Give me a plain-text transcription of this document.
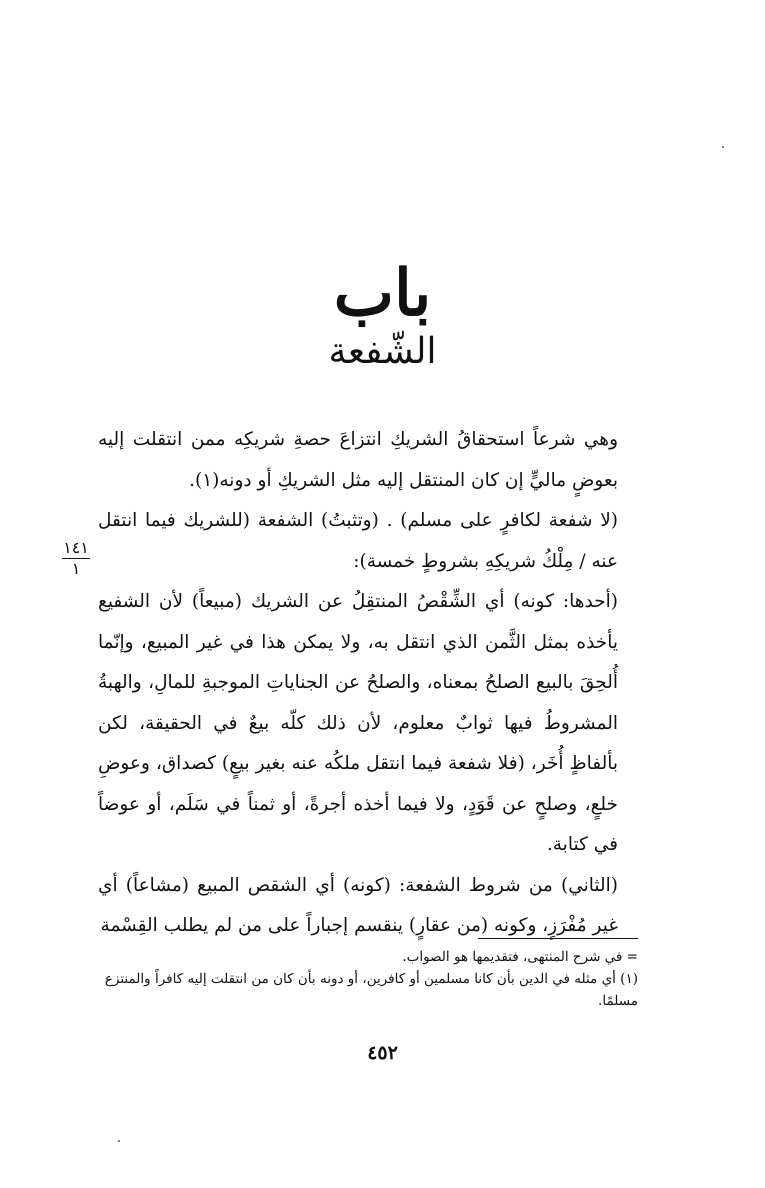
باب
الشّفعة
١٤١
١

وهي شرعاً استحقاقُ الشريكِ انتزاعَ حصةِ شريكِه ممن انتقلت إليه بعوضٍ ماليٍّ إن كان المنتقل إليه مثل الشريكِ أو دونه(١).

(لا شفعة لكافرٍ على مسلم) . (وتثبتُ) الشفعة (للشريك فيما انتقل عنه / مِلْكُ شريكِهِ بشروطٍ خمسة):

(أحدها: كونه) أي الشِّقْصُ المنتقِلُ عن الشريك (مبيعاً) لأن الشفيع يأخذه بمثل الثَّمن الذي انتقل به، ولا يمكن هذا في غير المبيع، وإنّما أُلحِقَ بالبيع الصلحُ بمعناه، والصلحُ عن الجناياتِ الموجبةِ للمالِ، والهبةُ المشروطُ فيها ثوابٌ معلوم، لأن ذلك كلّه بيعٌ في الحقيقة، لكن بألفاظٍ أُخَر، (فلا شفعة فيما انتقل ملكُه عنه بغير بيعٍ) كصداق، وعوضِ خلعٍ، وصلحٍ عن قَوَدٍ، ولا فيما أخذه أجرةً، أو ثمناً في سَلَم، أو عوضاً في كتابة.

(الثاني) من شروط الشفعة: (كونه) أي الشقص المبيع (مشاعاً) أي غير مُفْرَزٍ، وكونه (من عقارٍ) ينقسم إجباراً على من لم يطلب القِسْمة

= في شرح المنتهى، فتقديمها هو الصواب.

(١) أي مثله في الدين بأن كانا مسلمين أو كافرين، أو دونه بأن كان من انتقلت إليه كافراً والمنتزع مسلمًا.

٤٥٢
